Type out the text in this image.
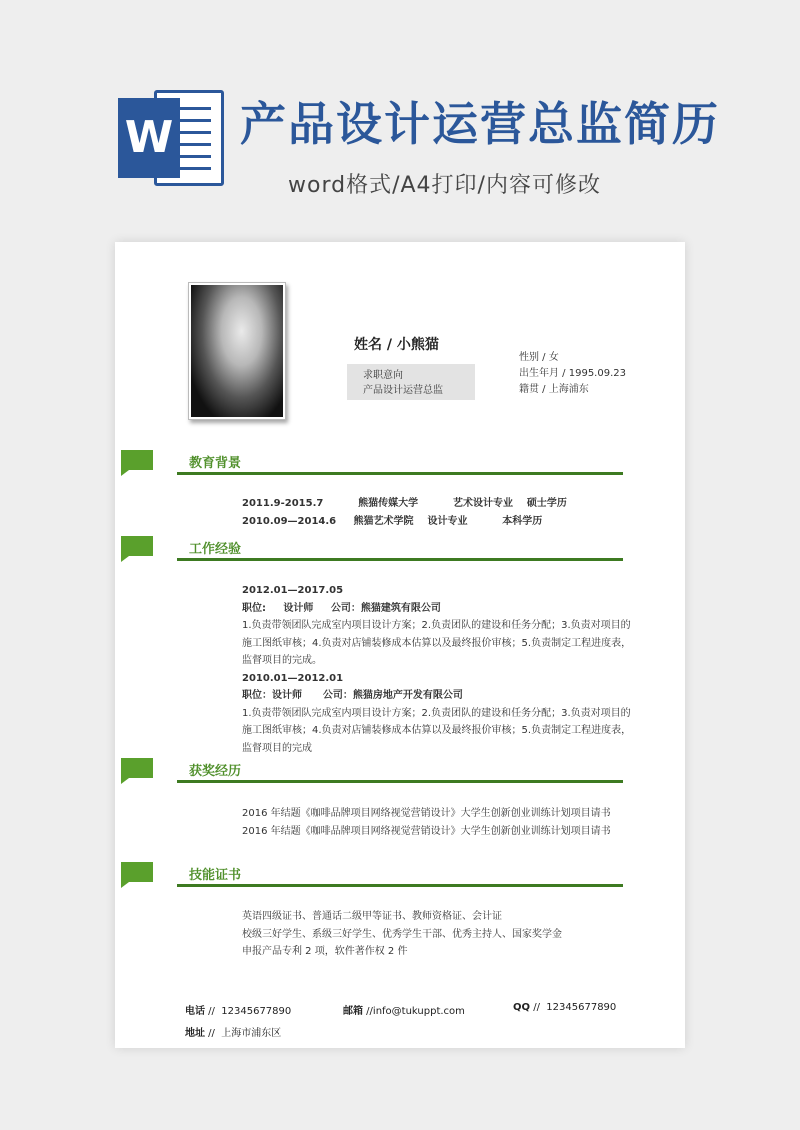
W 产品设计运营总监简历
word格式/A4打印/内容可修改
姓名 / 小熊猫
求职意向
产品设计运营总监
性别 / 女
出生年月 / 1995.09.23
籍贯 / 上海浦东
教育背景
2011.9-2015.7          熊猫传媒大学          艺术设计专业    硕士学历
2010.09—2014.6     熊猫艺术学院    设计专业          本科学历
工作经验
2012.01—2017.05
职位:     设计师     公司：熊猫建筑有限公司
1.负责带领团队完成室内项目设计方案；2.负责团队的建设和任务分配；3.负责对项目的
施工图纸审核；4.负责对店铺装修成本估算以及最终报价审核；5.负责制定工程进度表，
监督项目的完成。
2010.01—2012.01
职位：设计师      公司：熊猫房地产开发有限公司
1.负责带领团队完成室内项目设计方案；2.负责团队的建设和任务分配；3.负责对项目的
施工图纸审核；4.负责对店铺装修成本估算以及最终报价审核；5.负责制定工程进度表，
监督项目的完成
获奖经历
2016 年结题《咖啡品牌项目网络视觉营销设计》大学生创新创业训练计划项目请书
2016 年结题《咖啡品牌项目网络视觉营销设计》大学生创新创业训练计划项目请书
技能证书
英语四级证书、普通话二级甲等证书、教师资格证、会计证
校级三好学生、系级三好学生、优秀学生干部、优秀主持人、国家奖学金
申报产品专利 2 项，软件著作权 2 件
电话 //  12345677890	邮箱 //info@tukuppt.com	QQ //  12345677890
地址 //  上海市浦东区
